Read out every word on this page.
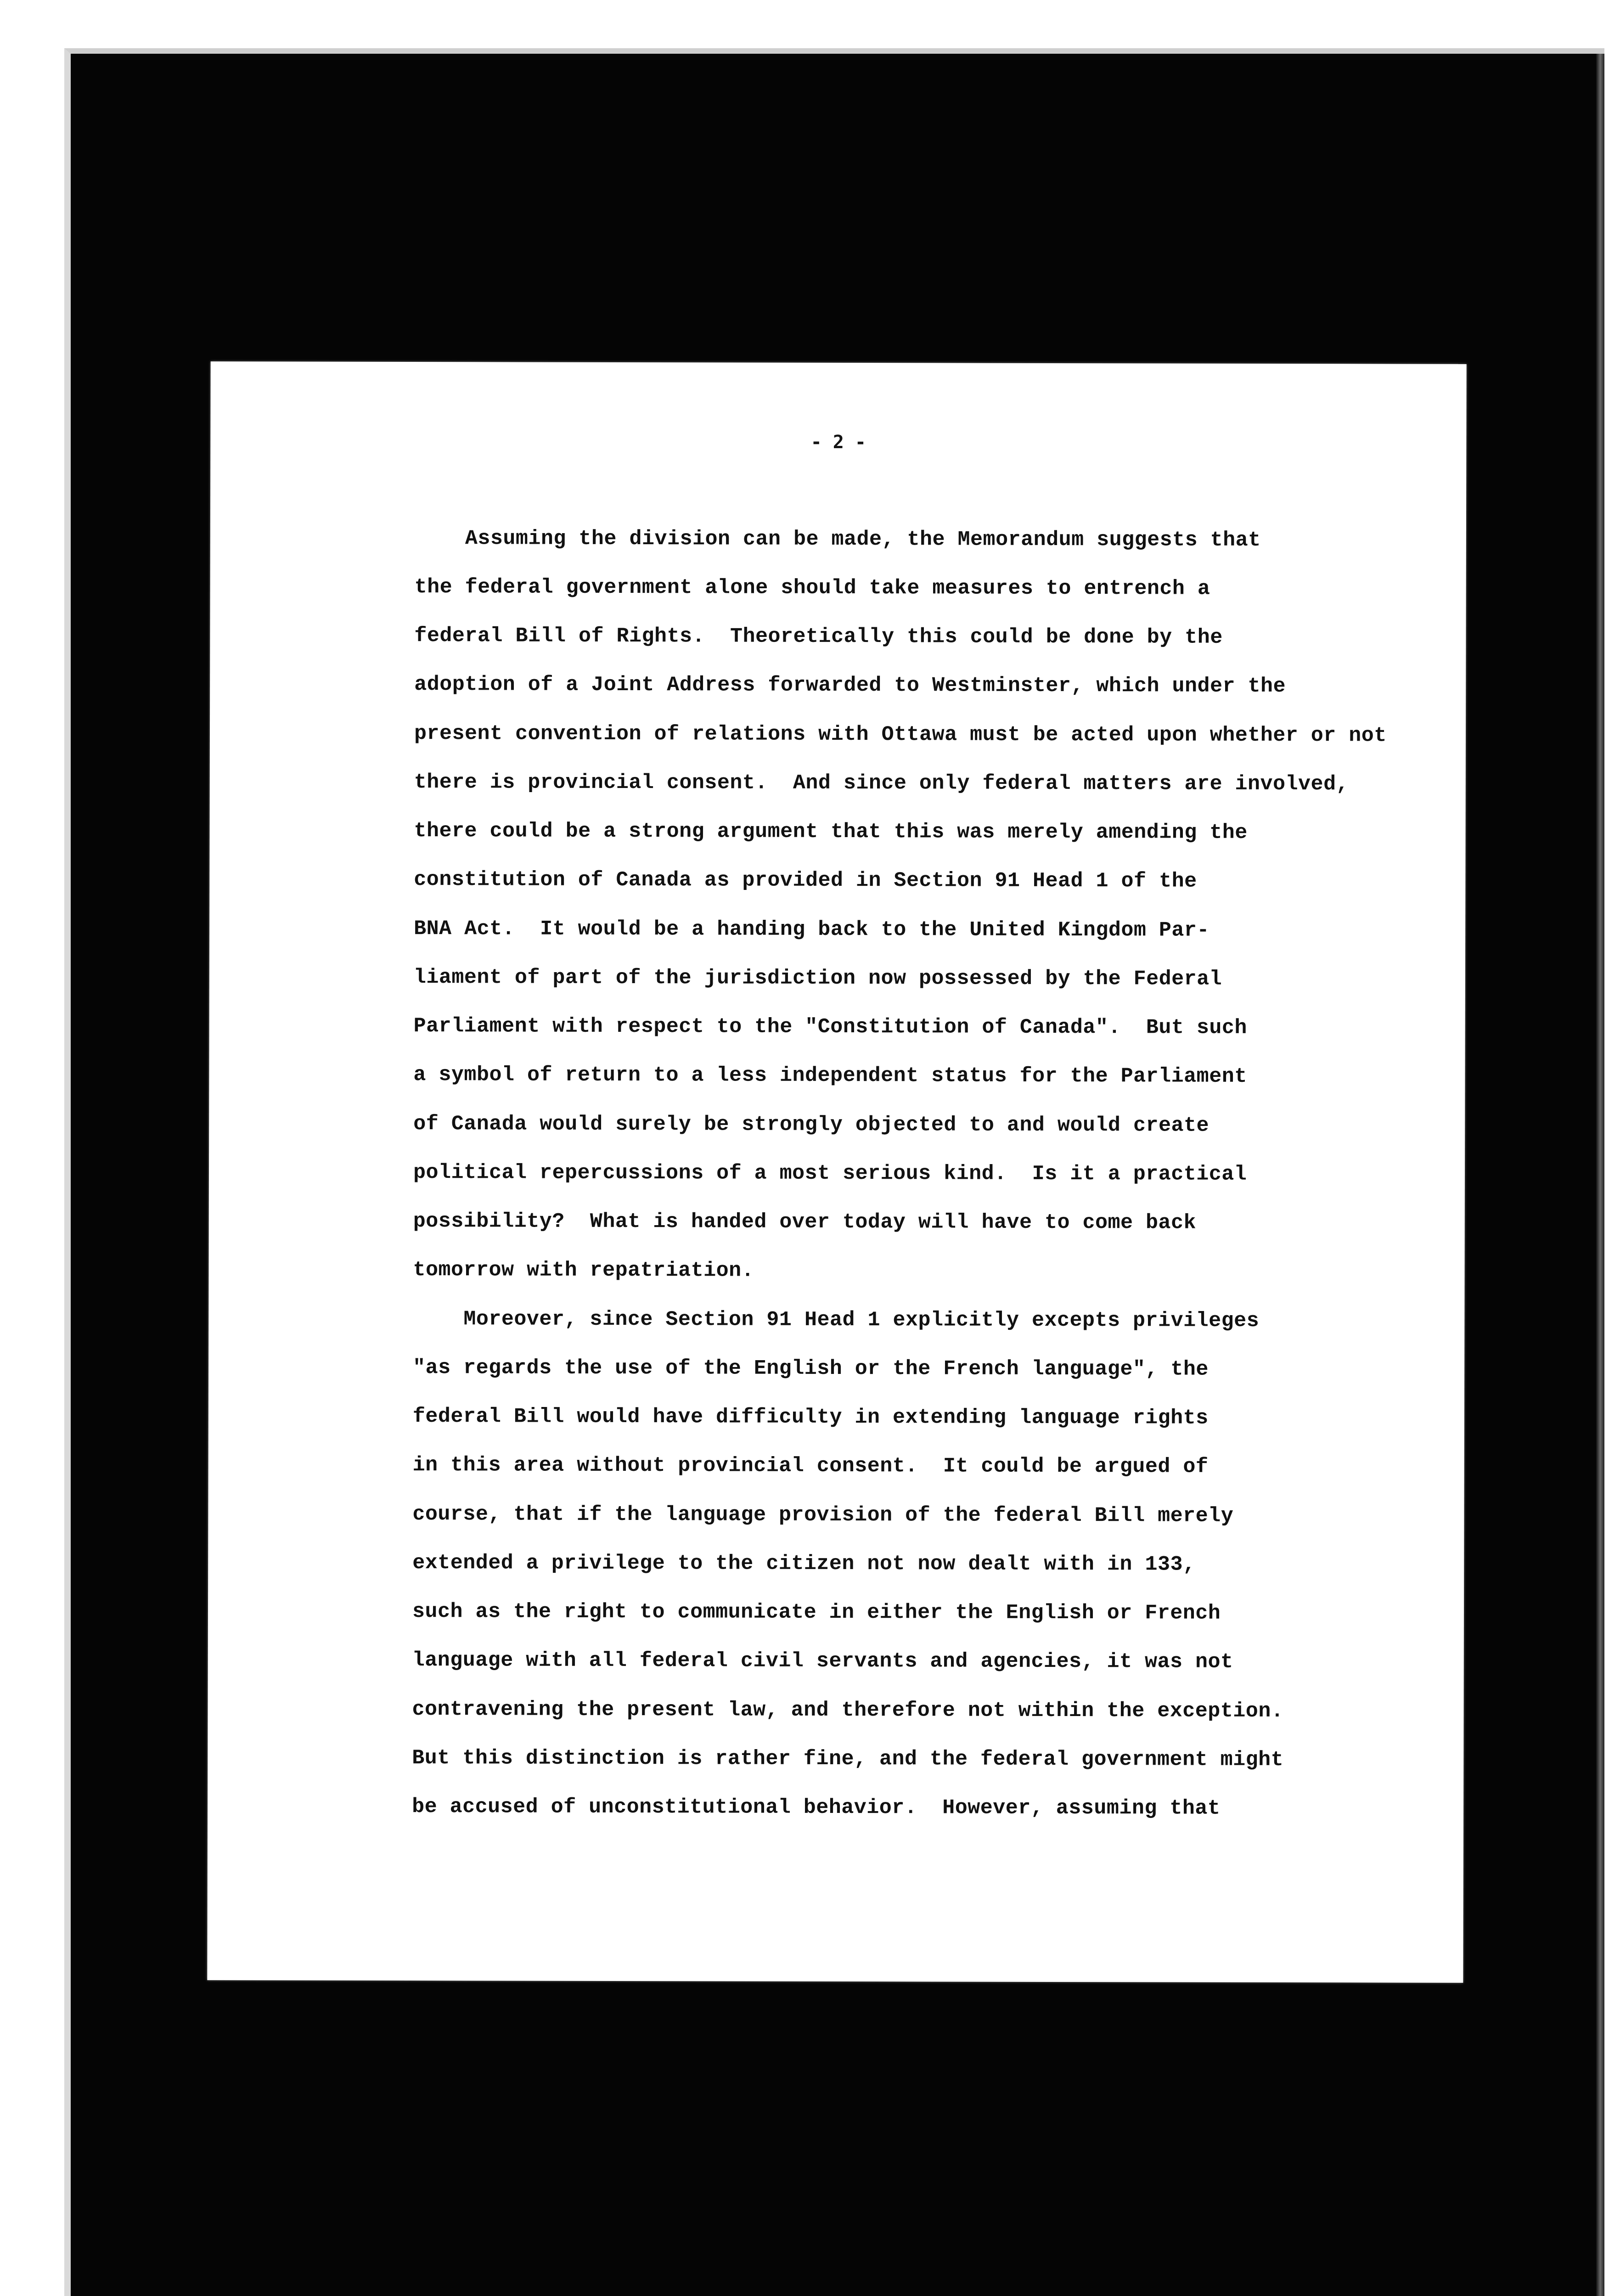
- 2 -
Assuming the division can be made, the Memorandum suggests that
the federal government alone should take measures to entrench a
federal Bill of Rights.  Theoretically this could be done by the
adoption of a Joint Address forwarded to Westminster, which under the
present convention of relations with Ottawa must be acted upon whether or not
there is provincial consent.  And since only federal matters are involved,
there could be a strong argument that this was merely amending the
constitution of Canada as provided in Section 91 Head 1 of the
BNA Act.  It would be a handing back to the United Kingdom Par-
liament of part of the jurisdiction now possessed by the Federal
Parliament with respect to the "Constitution of Canada".  But such
a symbol of return to a less independent status for the Parliament
of Canada would surely be strongly objected to and would create
political repercussions of a most serious kind.  Is it a practical
possibility?  What is handed over today will have to come back
tomorrow with repatriation.
Moreover, since Section 91 Head 1 explicitly excepts privileges
"as regards the use of the English or the French language", the
federal Bill would have difficulty in extending language rights
in this area without provincial consent.  It could be argued of
course, that if the language provision of the federal Bill merely
extended a privilege to the citizen not now dealt with in 133,
such as the right to communicate in either the English or French
language with all federal civil servants and agencies, it was not
contravening the present law, and therefore not within the exception.
But this distinction is rather fine, and the federal government might
be accused of unconstitutional behavior.  However, assuming that
